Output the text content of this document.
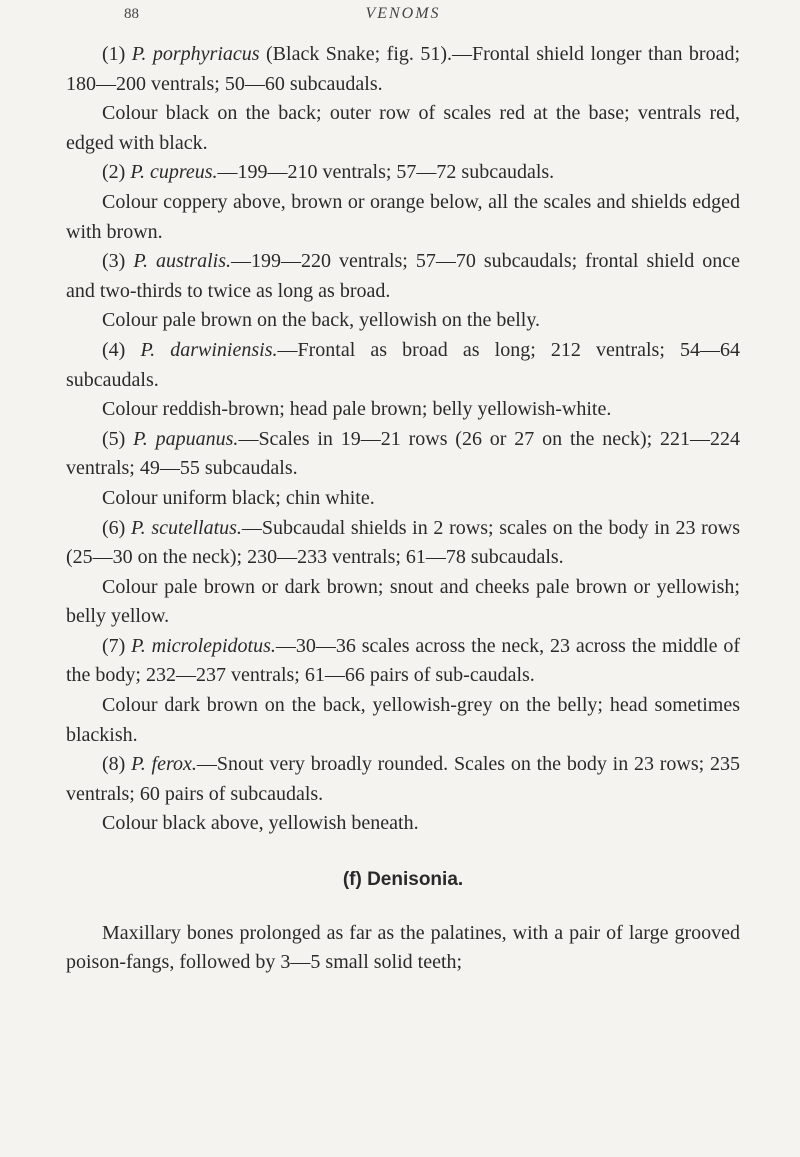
88	VENOMS

(1) P. porphyriacus (Black Snake; fig. 51).—Frontal shield longer than broad; 180—200 ventrals; 50—60 subcaudals.

Colour black on the back; outer row of scales red at the base; ventrals red, edged with black.

(2) P. cupreus.—199—210 ventrals; 57—72 subcaudals.

Colour coppery above, brown or orange below, all the scales and shields edged with brown.

(3) P. australis.—199—220 ventrals; 57—70 subcaudals; frontal shield once and two-thirds to twice as long as broad.

Colour pale brown on the back, yellowish on the belly.

(4) P. darwiniensis.—Frontal as broad as long; 212 ventrals; 54—64 subcaudals.

Colour reddish-brown; head pale brown; belly yellowish-white.

(5) P. papuanus.—Scales in 19—21 rows (26 or 27 on the neck); 221—224 ventrals; 49—55 subcaudals.

Colour uniform black; chin white.

(6) P. scutellatus.—Subcaudal shields in 2 rows; scales on the body in 23 rows (25—30 on the neck); 230—233 ventrals; 61—78 subcaudals.

Colour pale brown or dark brown; snout and cheeks pale brown or yellowish; belly yellow.

(7) P. microlepidotus.—30—36 scales across the neck, 23 across the middle of the body; 232—237 ventrals; 61—66 pairs of sub-caudals.

Colour dark brown on the back, yellowish-grey on the belly; head sometimes blackish.

(8) P. ferox.—Snout very broadly rounded. Scales on the body in 23 rows; 235 ventrals; 60 pairs of subcaudals.

Colour black above, yellowish beneath.

(f) Denisonia.

Maxillary bones prolonged as far as the palatines, with a pair of large grooved poison-fangs, followed by 3—5 small solid teeth;
